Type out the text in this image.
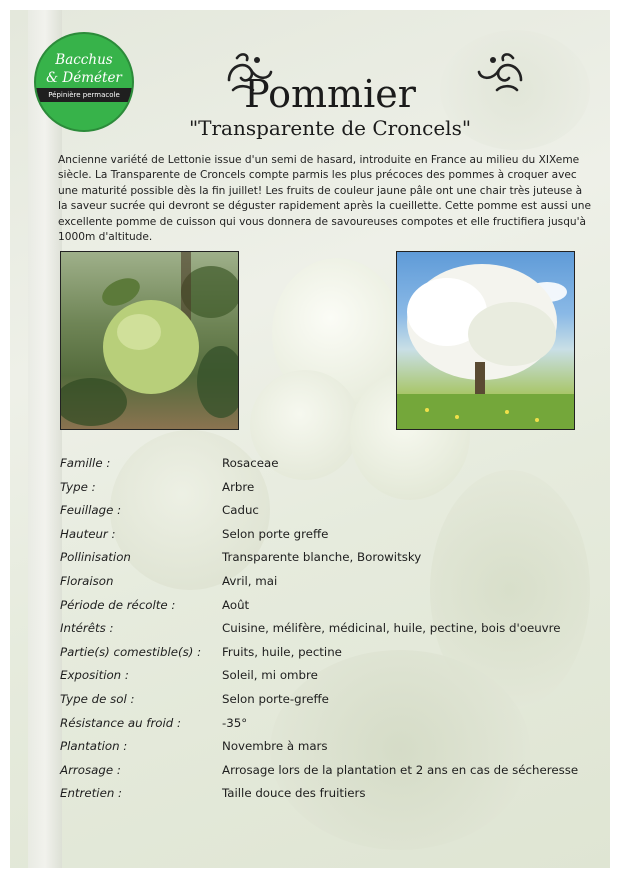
Bacchus
& Déméter
Pépinière permacole	Pommier
"Transparente de Croncels"

Ancienne variété de Lettonie issue d'un semi de hasard, introduite en France au milieu du XIXeme siècle. La Transparente de Croncels compte parmis les plus précoces des pommes à croquer avec une maturité possible dès la fin juillet! Les fruits de couleur jaune pâle ont une chair très juteuse à la saveur sucrée qui devront se déguster rapidement après la cueillette. Cette pomme est aussi une excellente pomme de cuisson qui vous donnera de savoureuses compotes et elle fructifiera jusqu'à 1000m d'altitude.

Famille :	Rosaceae
Type :	Arbre
Feuillage :	Caduc
Hauteur :	Selon porte greffe
Pollinisation	Transparente blanche, Borowitsky
Floraison	Avril, mai
Période de récolte :	Août
Intérêts :	Cuisine, mélifère, médicinal, huile, pectine, bois d'oeuvre
Partie(s) comestible(s) : Fruits, huile, pectine
Exposition :	Soleil, mi ombre
Type de sol :	Selon porte-greffe
Résistance au froid :	-35°
Plantation :	Novembre à mars
Arrosage :	Arrosage lors de la plantation et 2 ans en cas de sécheresse
Entretien :	Taille douce des fruitiers
